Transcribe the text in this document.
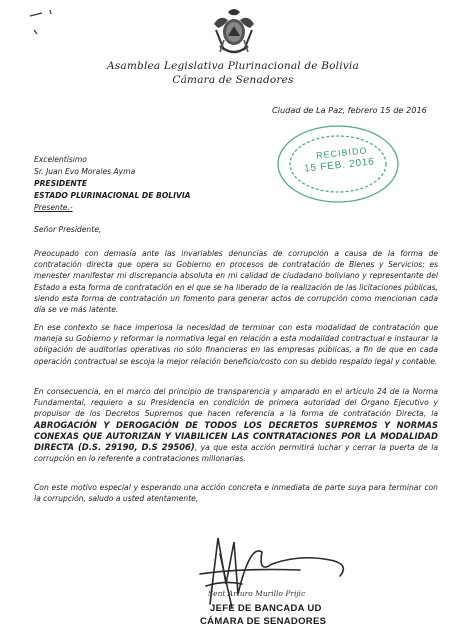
Asamblea Legislativa Plurinacional de Bolivia
Cámara de Senadores
Ciudad de La Paz, febrero 15 de 2016
RECIBIDO
15 FEB. 2016
Excelentísimo
Sr. Juan Evo Morales Ayma
PRESIDENTE
ESTADO PLURINACIONAL DE BOLIVIA
Presente.-
Señor Presidente,
Preocupado con demasía ante las invariables denuncias de corrupción a causa de la forma de contratación directa que opera su Gobierno en procesos de contratación de Bienes y Servicios; es menester manifestar mi discrepancia absoluta en mi calidad de ciudadano boliviano y representante del Estado a esta forma de contratación en el que se ha liberado de la realización de las licitaciones públicas, siendo esta forma de contratación un fomento para generar actos de corrupción como mencionan cada día se ve más latente.
En ese contexto se hace imperiosa la necesidad de terminar con esta modalidad de contratación que maneja su Gobierno y reformar la normativa legal en relación a esta modalidad contractual e instaurar la obligación de auditorías operativas no sólo financieras en las empresas públicas, a fin de que en cada operación contractual se escoja la mejor relación beneficio/costo con su debido respaldo legal y contable.
En consecuencia, en el marco del principio de transparencia y amparado en el artículo 24 de la Norma Fundamental, requiero a su Presidencia en condición de primera autoridad del Órgano Ejecutivo y propulsor de los Decretos Supremos que hacen referencia a la forma de contratación Directa, la ABROGACIÓN Y DEROGACIÓN DE TODOS LOS DECRETOS SUPREMOS Y NORMAS CONEXAS QUE AUTORIZAN Y VIABILICEN LAS CONTRATACIONES POR LA MODALIDAD DIRECTA (D.S. 29190, D.S 29506), ya que esta acción permitirá luchar y cerrar la puerta de la corrupción en lo referente a contrataciones millonarias.
Con este motivo especial y esperando una acción concreta e inmediata de parte suya para terminar con la corrupción, saludo a usted atentamente,
Sent Arturo Murillo Prijic
JEFE DE BANCADA UD
CÁMARA DE SENADORES
